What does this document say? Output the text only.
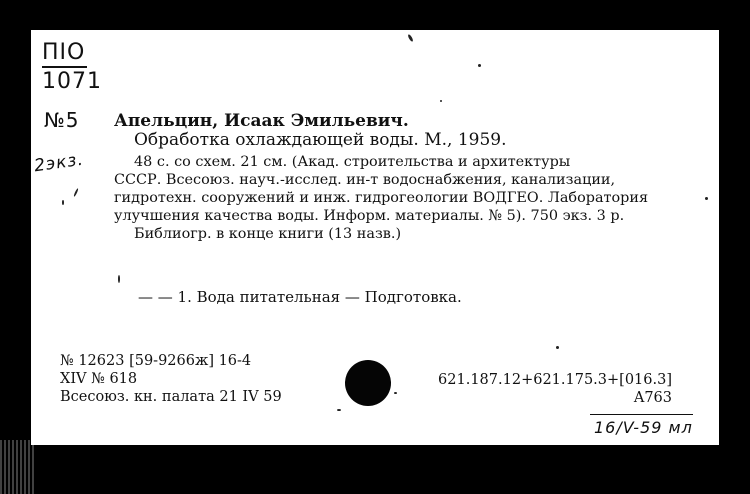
ПIО
1071
№5
2экз.
Апельцин, Исаак Эмильевич.
Обработка охлаждающей воды. М., 1959.
48 с. со схем. 21 см. (Акад. строительства и архитектуры
СССР. Всесоюз. науч.-исслед. ин-т водоснабжения, канализации,
гидротехн. сооружений и инж. гидрогеологии ВОДГЕО. Лаборатория
улучшения качества воды. Информ. материалы. № 5). 750 экз. 3 р.
Библиогр. в конце книги (13 назв.)
— — 1. Вода питательная — Подготовка.
№ 12623 [59-9266ж] 16-4
XIV № 618
Всесоюз. кн. палата 21 IV 59
621.187.12+621.175.3+[016.3]
A763
16/V-59 мл
